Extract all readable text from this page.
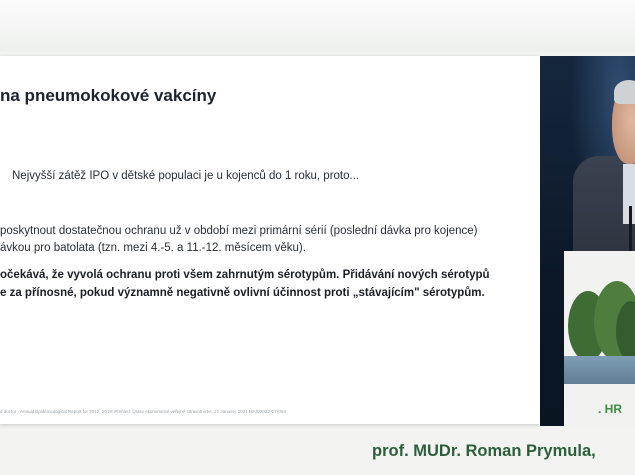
na pneumokokové vakcíny

Nejvyšší zátěž IPO v dětské populaci je u kojenců do 1 roku, proto...

poskytnout dostatečnou ochranu už v období mezi primární sérií (poslední dávka pro kojence)

ávkou pro batolata (tzn. mezi 4.-5. a 11.-12. měsícem věku).

očekává, že vyvolá ochranu proti všem zahrnutým sérotypům. Přidávání nových sérotypů

e za přínosné, pokud významně negativně ovlivní účinnost proti „stávajícím" sérotypům.

d doctor - Annual Epidemiological Report for 2012, 2018; Přehled: Ústav ekonomické veřejné zdravotnictví, 21 January 2024 MAS/2022 CT/004	. HR

prof. MUDr. Roman Prymula,
